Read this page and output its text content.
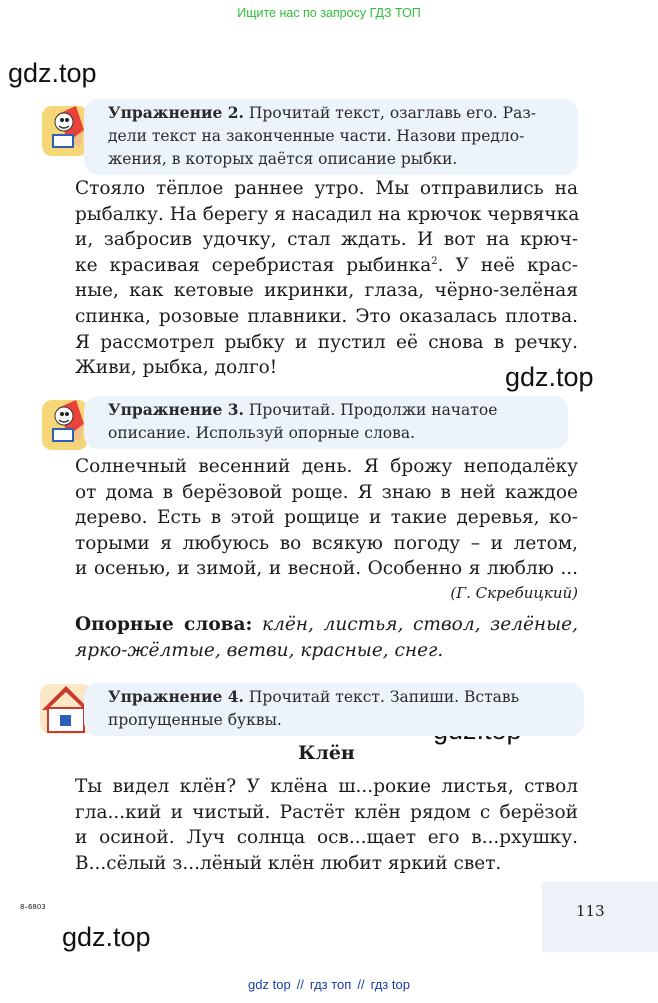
Ищите нас по запросу ГДЗ ТОП
gdz.top
gdz.top
gdz.top
Упражнение 2. Прочитай текст, озаглавь его. Раз-
дели текст на законченные части. Назови предло-
жения, в которых даётся описание рыбки.
Стояло тёплое раннее утро. Мы отправились на
рыбалку. На берегу я насадил на крючок червячка
и, забросив удочку, стал ждать. И вот на крюч-
ке красивая серебристая рыбинка$^2$. У неё крас-
ные, как кетовые икринки, глаза, чёрно-зелёная
спинка, розовые плавники. Это оказалась плотва.
Я рассмотрел рыбку и пустил её снова в речку.
Живи, рыбка, долго!
Упражнение 3. Прочитай. Продолжи начатое
описание. Используй опорные слова.
Солнечный весенний день. Я брожу неподалёку
от дома в берёзовой роще. Я знаю в ней каждое
дерево. Есть в этой рощице и такие деревья, ко-
торыми я любуюсь во всякую погоду – и летом,
и осенью, и зимой, и весной. Особенно я люблю ...
(Г. Скребицкий)
Опорные слова: клён, листья, ствол, зелёные,
ярко-жёлтые, ветви, красные, снег.
Упражнение 4. Прочитай текст. Запиши. Вставь
пропущенные буквы.
Клён
Ты видел клён? У клёна ш...рокие листья, ствол
гла...кий и чистый. Растёт клён рядом с берёзой
и осиной. Луч солнца осв...щает его в...рхушку.
В...сёлый з...лёный клён любит яркий свет.
8–6803	113
gdz top // гдз топ // гдз top
